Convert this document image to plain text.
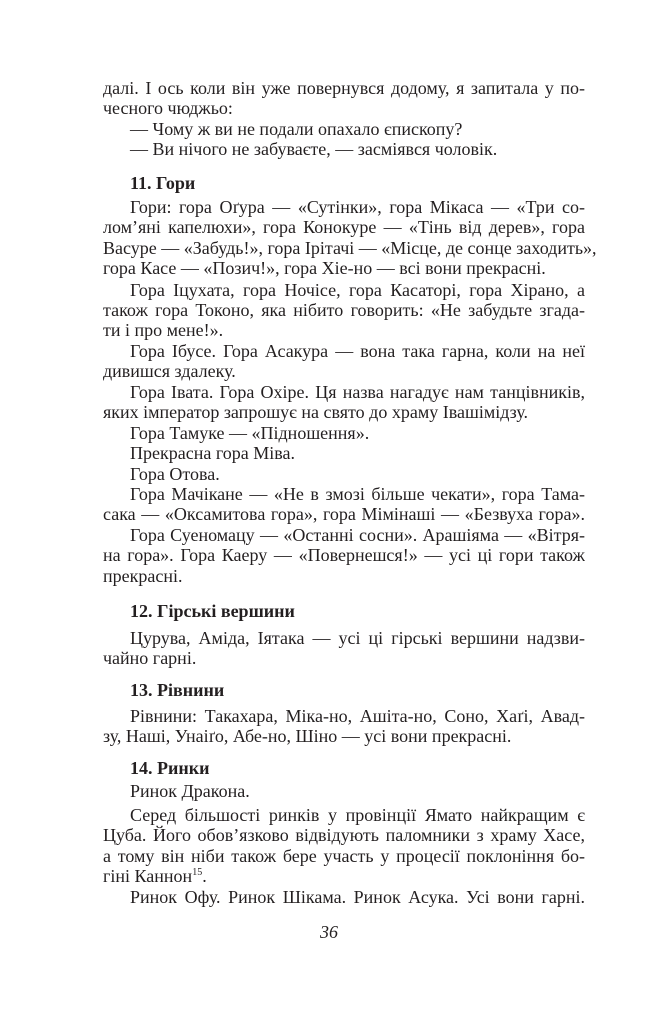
далі. І ось коли він уже повернувся додому, я запитала у по-
чесного чюджьо:
— Чому ж ви не подали опахало єпископу?
— Ви нічого не забуваєте, — засміявся чоловік.
11. Гори
Гори: гора Оґура — «Сутінки», гора Мікаса — «Три со-
лом’яні капелюхи», гора Конокуре — «Тінь від дерев», гора
Васуре — «Забудь!», гора Ірітачі — «Місце, де сонце заходить»,
гора Касе — «Позич!», гора Хіе-но — всі вони прекрасні.
Гора Іцухата, гора Ночісе, гора Касаторі, гора Хірано, а
також гора Токоно, яка нібито говорить: «Не забудьте згада-
ти і про мене!».
Гора Ібусе. Гора Асакура — вона така гарна, коли на неї
дивишся здалеку.
Гора Івата. Гора Охіре. Ця назва нагадує нам танцівників,
яких імператор запрошує на свято до храму Івашімідзу.
Гора Тамуке — «Підношення».
Прекрасна гора Міва.
Гора Отова.
Гора Мачікане — «Не в змозі більше чекати», гора Тама-
сака — «Оксамитова гора», гора Мімінаші — «Безвуха гора».
Гора Суеномацу — «Останні сосни». Арашіяма — «Вітря-
на гора». Гора Каеру — «Повернешся!» — усі ці гори також
прекрасні.
12. Гірські вершини
Цурува, Аміда, Іятака — усі ці гірські вершини надзви-
чайно гарні.
13. Рівнини
Рівнини: Такахара, Міка-но, Ашіта-но, Соно, Хаґі, Авад-
зу, Наші, Унаіґо, Абе-но, Шіно — усі вони прекрасні.
14. Ринки
Ринок Дракона.
Серед більшості ринків у провінції Ямато найкращим є
Цуба. Його обов’язково відвідують паломники з храму Хасе,
а тому він ніби також бере участь у процесії поклоніння бо-
гіні Каннон$^{15}$.
Ринок Офу. Ринок Шікама. Ринок Асука. Усі вони гарні.
36
